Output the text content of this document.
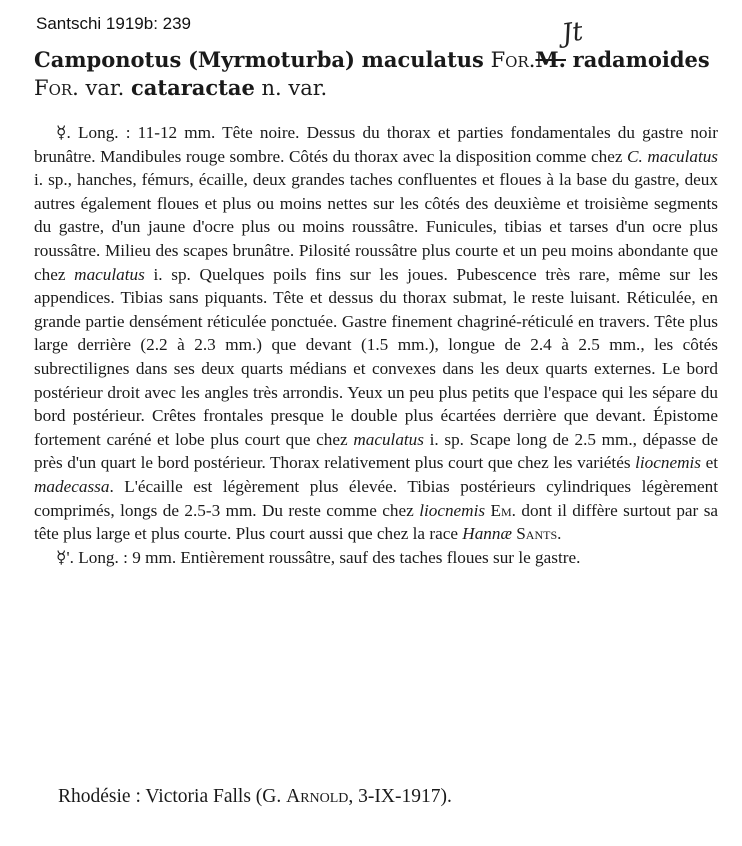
Santschi 1919b: 239	Jt
Camponotus (Myrmoturba) maculatus For.M. radamoides For. var. cataractae n. var.

☿. Long. : 11-12 mm. Tête noire. Dessus du thorax et parties fondamentales du gastre noir brunâtre. Mandibules rouge sombre. Côtés du thorax avec la disposition comme chez C. maculatus i. sp., hanches, fémurs, écaille, deux grandes taches confluentes et floues à la base du gastre, deux autres également floues et plus ou moins nettes sur les côtés des deuxième et troisième segments du gastre, d'un jaune d'ocre plus ou moins roussâtre. Funicules, tibias et tarses d'un ocre plus roussâtre. Milieu des scapes brunâtre. Pilosité roussâtre plus courte et un peu moins abondante que chez maculatus i. sp. Quelques poils fins sur les joues. Pubescence très rare, même sur les appendices. Tibias sans piquants. Tête et dessus du thorax submat, le reste luisant. Réticulée, en grande partie densément réticulée ponctuée. Gastre finement chagriné-réticulé en travers. Tête plus large derrière (2.2 à 2.3 mm.) que devant (1.5 mm.), longue de 2.4 à 2.5 mm., les côtés subrectilignes dans ses deux quarts médians et convexes dans les deux quarts externes. Le bord postérieur droit avec les angles très arrondis. Yeux un peu plus petits que l'espace qui les sépare du bord postérieur. Crêtes frontales presque le double plus écartées derrière que devant. Épistome fortement caréné et lobe plus court que chez maculatus i. sp. Scape long de 2.5 mm., dépasse de près d'un quart le bord postérieur. Thorax relativement plus court que chez les variétés liocnemis et madecassa. L'écaille est légèrement plus élevée. Tibias postérieurs cylindriques légèrement comprimés, longs de 2.5-3 mm. Du reste comme chez liocnemis Em. dont il diffère surtout par sa tête plus large et plus courte. Plus court aussi que chez la race Hannæ Sants.

☿'. Long. : 9 mm. Entièrement roussâtre, sauf des taches floues sur le gastre.

Rhodésie : Victoria Falls (G. Arnold, 3-IX-1917).
